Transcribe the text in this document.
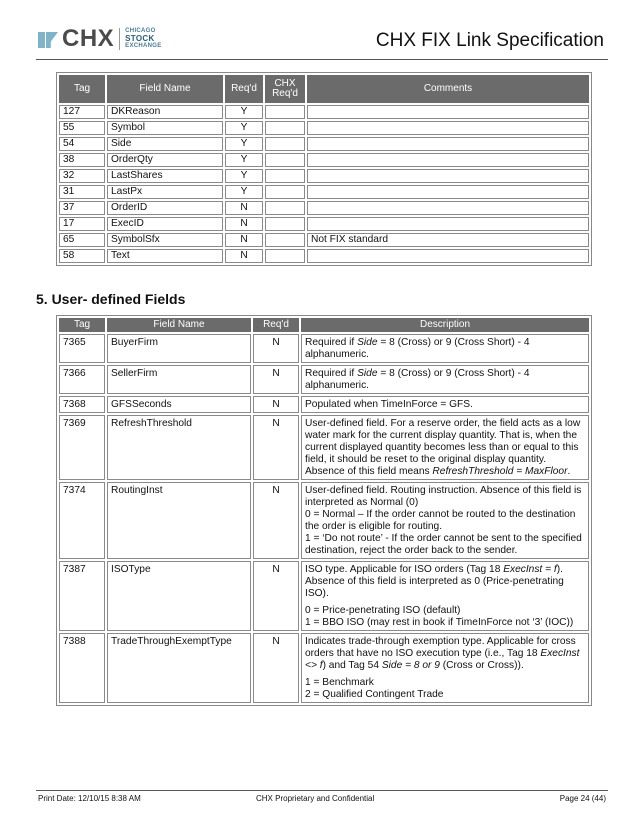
CHX CHICAGO
STOCK
EXCHANGE	CHX FIX Link Specification
Tag	Field Name	Req'd	CHX Req'd	Comments
127	DKReason	Y		
55	Symbol	Y		
54	Side	Y		
38	OrderQty	Y		
32	LastShares	Y		
31	LastPx	Y		
37	OrderID	N		
17	ExecID	N		
65	SymbolSfx	N		Not FIX standard
58	Text	N		
5. User- defined Fields
Tag	Field Name	Req'd	Description
7365	BuyerFirm	N	Required if Side = 8 (Cross) or 9 (Cross Short) - 4 alphanumeric.

7366	SellerFirm	N	Required if Side = 8 (Cross) or 9 (Cross Short) - 4 alphanumeric.

7368	GFSSeconds	N	Populated when TimeInForce = GFS.

7369	RefreshThreshold	N	User-defined field. For a reserve order, the field acts as a low water mark for the current display quantity. That is, when the current displayed quantity becomes less than or equal to this field, it should be reset to the original display quantity. Absence of this field means RefreshThreshold = MaxFloor.

7374	RoutingInst	N	User-defined field. Routing instruction. Absence of this field is interpreted as Normal (0)
0 = Normal – If the order cannot be routed to the destination the order is eligible for routing.
1 = ‘Do not route’ - If the order cannot be sent to the specified destination, reject the order back to the sender.

7387	ISOType	N	ISO type. Applicable for ISO orders (Tag 18 ExecInst = f). Absence of this field is interpreted as 0 (Price-penetrating ISO).

0 = Price-penetrating ISO (default)
1 = BBO ISO (may rest in book if TimeInForce not ‘3’ (IOC))

7388	TradeThroughExemptType	N	Indicates trade-through exemption type. Applicable for cross orders that have no ISO execution type (i.e., Tag 18 ExecInst <> f) and Tag 54 Side = 8 or 9 (Cross or Cross)).

1 = Benchmark
2 = Qualified Contingent Trade

Print Date: 12/10/15 8:38 AM	CHX Proprietary and Confidential	Page 24 (44)
